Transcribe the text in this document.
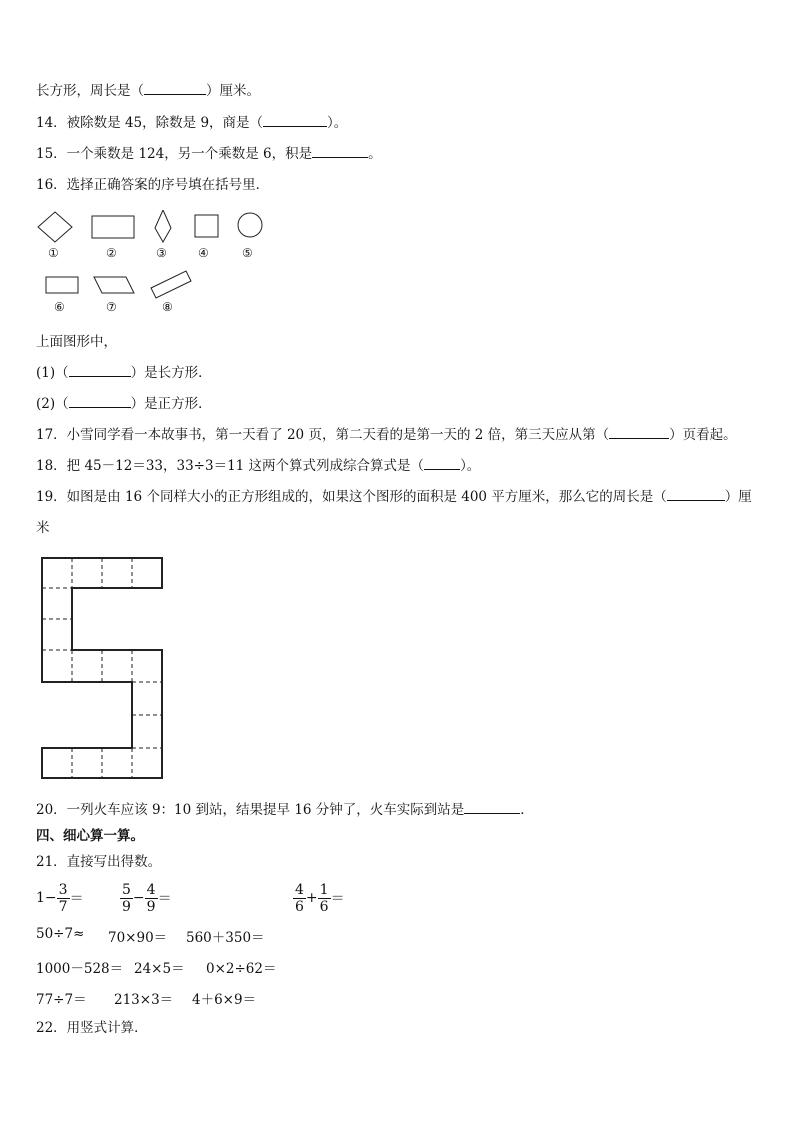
长方形，周长是（	）厘米。
14．被除数是 45，除数是 9，商是（	）。
15．一个乘数是 124，另一个乘数是 6，积是	。
16．选择正确答案的序号填在括号里．
①	②	③	④	⑤
⑥	⑦	⑧
上面图形中，
(1)（	）是长方形．
(2)（	）是正方形．
17．小雪同学看一本故事书，第一天看了 20 页，第二天看的是第一天的 2 倍，第三天应从第（	）页看起。
18．把 45－12＝33，33÷3＝11 这两个算式列成综合算式是（	）。
19．如图是由 16 个同样大小的正方形组成的，如果这个图形的面积是 400 平方厘米，那么它的周长是（	）厘
米
20．一列火车应该 9：10 到站，结果提早 16 分钟了，火车实际到站是	．
四、细心算一算。
21．直接写出得数。
$1- \frac{3}{7}$ ＝	$\frac{5}{9} - \frac{4}{9}$ ＝	$\frac{4}{6} + \frac{1}{6}$ ＝
50÷7≈ 70×90＝ 560＋350＝
1000－528＝ 24×5＝ 0×2÷62＝
77÷7＝ 213×3＝ 4＋6×9＝
22．用竖式计算．
